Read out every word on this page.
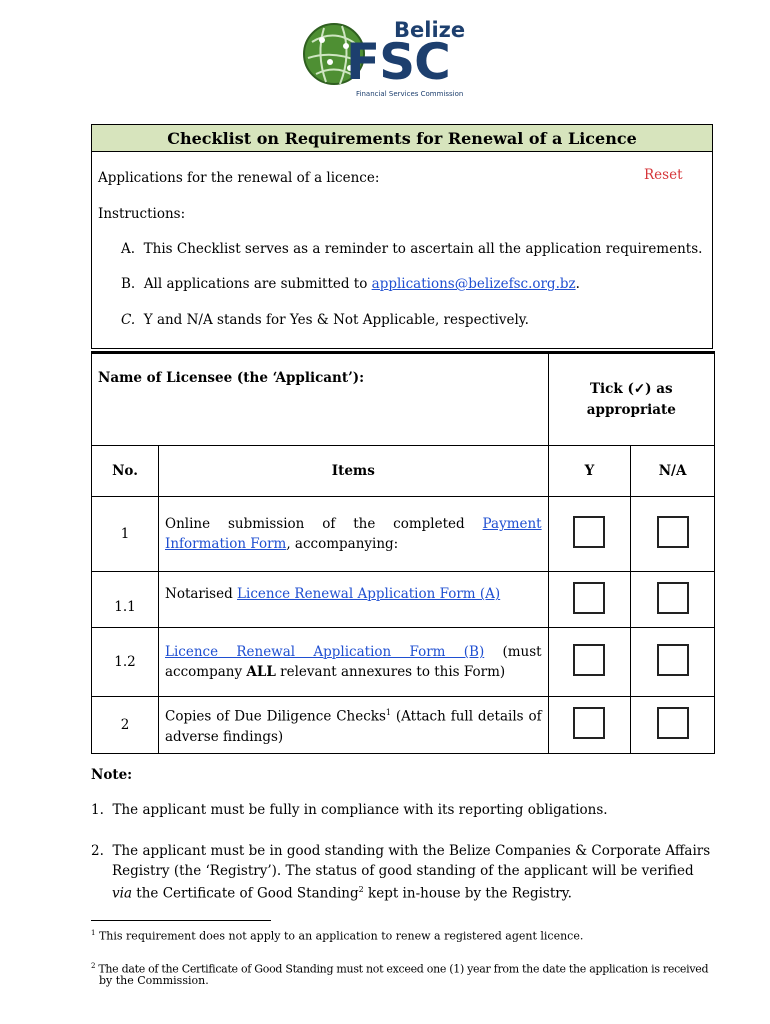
Belize
FSC
Financial Services Commission
Checklist on Requirements for Renewal of a Licence
Applications for the renewal of a licence:	Reset
Instructions:
A. This Checklist serves as a reminder to ascertain all the application requirements.
B. All applications are submitted to applications@belizefsc.org.bz.
C. Y and N/A stands for Yes & Not Applicable, respectively.
Name of Licensee (the ‘Applicant’):		Tick (✓) as appropriate	
No.	Items	Y	N/A
1	Online submission of the completed Payment Information Form, accompanying:		
1.1	Notarised Licence Renewal Application Form (A)		
1.2	Licence Renewal Application Form (B) (must accompany ALL relevant annexures to this Form)		
2	Copies of Due Diligence Checks$^1$ (Attach full details of adverse findings)		
Note:
1. The applicant must be fully in compliance with its reporting obligations.
2. The applicant must be in good standing with the Belize Companies & Corporate Affairs
Registry (the ‘Registry’). The status of good standing of the applicant will be verified
via the Certificate of Good Standing$^2$ kept in-house by the Registry.
$^1$ This requirement does not apply to an application to renew a registered agent licence.
$^2$ The date of the Certificate of Good Standing must not exceed one (1) year from the date the application is received
by the Commission.
